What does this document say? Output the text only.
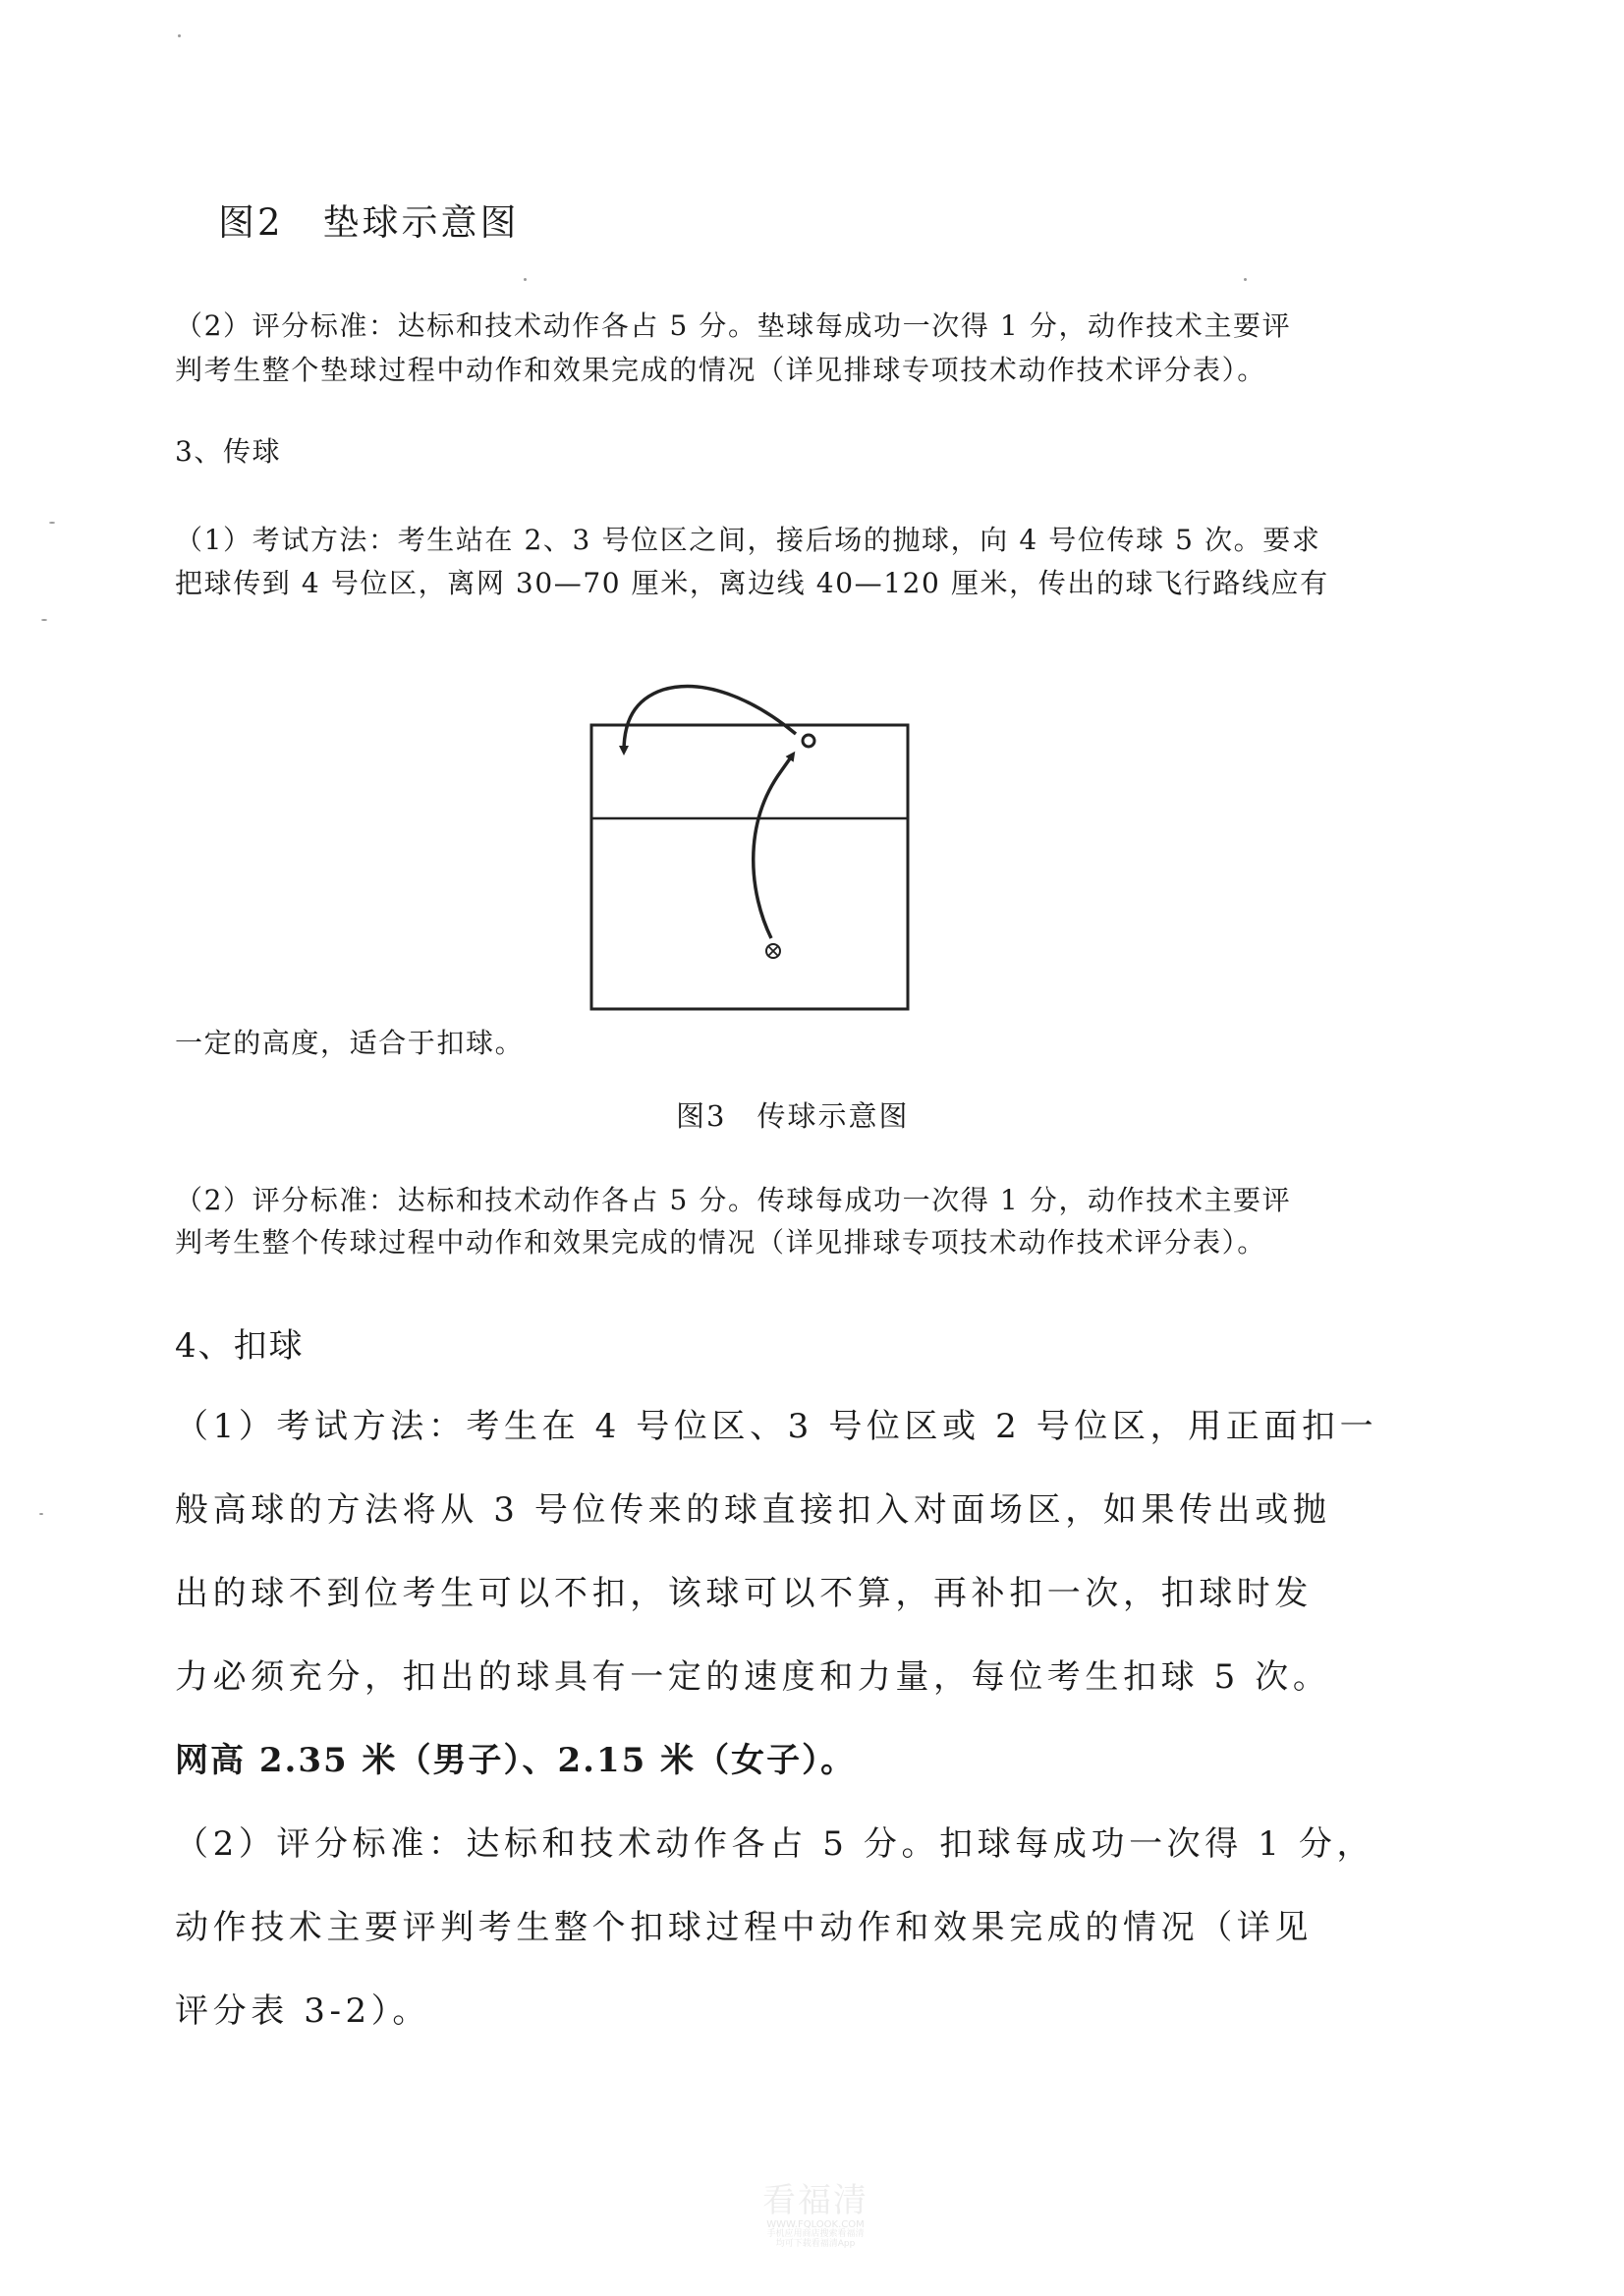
图2　垫球示意图
（2）评分标准：达标和技术动作各占 5 分。垫球每成功一次得 1 分，动作技术主要评
判考生整个垫球过程中动作和效果完成的情况（详见排球专项技术动作技术评分表）。
3、传球
（1）考试方法：考生站在 2、3 号位区之间，接后场的抛球，向 4 号位传球 5 次。要求
把球传到 4 号位区，离网 30—70 厘米，离边线 40—120 厘米，传出的球飞行路线应有
一定的高度，适合于扣球。
图3　传球示意图
（2）评分标准：达标和技术动作各占 5 分。传球每成功一次得 1 分，动作技术主要评
判考生整个传球过程中动作和效果完成的情况（详见排球专项技术动作技术评分表）。
4、扣球
（1）考试方法：考生在 4 号位区、3 号位区或 2 号位区，用正面扣一
般高球的方法将从 3 号位传来的球直接扣入对面场区，如果传出或抛
出的球不到位考生可以不扣，该球可以不算，再补扣一次，扣球时发
力必须充分，扣出的球具有一定的速度和力量，每位考生扣球 5 次。
网高 2.35 米（男子）、2.15 米（女子）。
（2）评分标准：达标和技术动作各占 5 分。扣球每成功一次得 1 分，
动作技术主要评判考生整个扣球过程中动作和效果完成的情况（详见
评分表 3-2）。
看福清
WWW.FQLOOK.COM
手机应用商店搜索看福清
均可下载看福清App
